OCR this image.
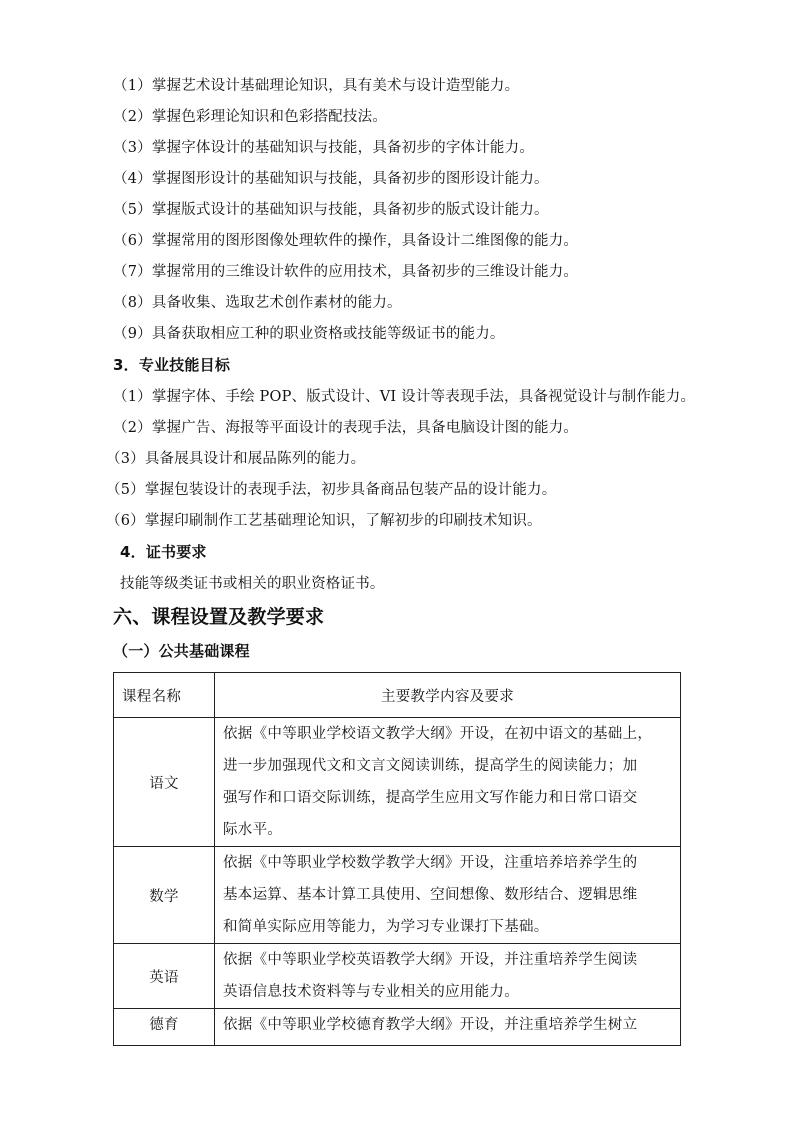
（1）掌握艺术设计基础理论知识，具有美术与设计造型能力。
（2）掌握色彩理论知识和色彩搭配技法。
（3）掌握字体设计的基础知识与技能，具备初步的字体计能力。
（4）掌握图形设计的基础知识与技能，具备初步的图形设计能力。
（5）掌握版式设计的基础知识与技能，具备初步的版式设计能力。
（6）掌握常用的图形图像处理软件的操作，具备设计二维图像的能力。
（7）掌握常用的三维设计软件的应用技术，具备初步的三维设计能力。
（8）具备收集、选取艺术创作素材的能力。
（9）具备获取相应工种的职业资格或技能等级证书的能力。
3．专业技能目标
（1）掌握字体、手绘 POP、版式设计、VI 设计等表现手法，具备视觉设计与制作能力。
（2）掌握广告、海报等平面设计的表现手法，具备电脑设计图的能力。
（3）具备展具设计和展品陈列的能力。
（5）掌握包装设计的表现手法，初步具备商品包装产品的设计能力。
（6）掌握印刷制作工艺基础理论知识，了解初步的印刷技术知识。
4．证书要求
技能等级类证书或相关的职业资格证书。
六、课程设置及教学要求
（一）公共基础课程
课程名称	主要教学内容及要求
语文	依据《中等职业学校语文教学大纲》开设，在初中语文的基础上，
进一步加强现代文和文言文阅读训练，提高学生的阅读能力；加
强写作和口语交际训练，提高学生应用文写作能力和日常口语交
际水平。

数学	依据《中等职业学校数学教学大纲》开设，注重培养培养学生的
基本运算、基本计算工具使用、空间想像、数形结合、逻辑思维
和简单实际应用等能力，为学习专业课打下基础。

英语	依据《中等职业学校英语教学大纲》开设，并注重培养学生阅读
英语信息技术资料等与专业相关的应用能力。

德育	依据《中等职业学校德育教学大纲》开设，并注重培养学生树立
